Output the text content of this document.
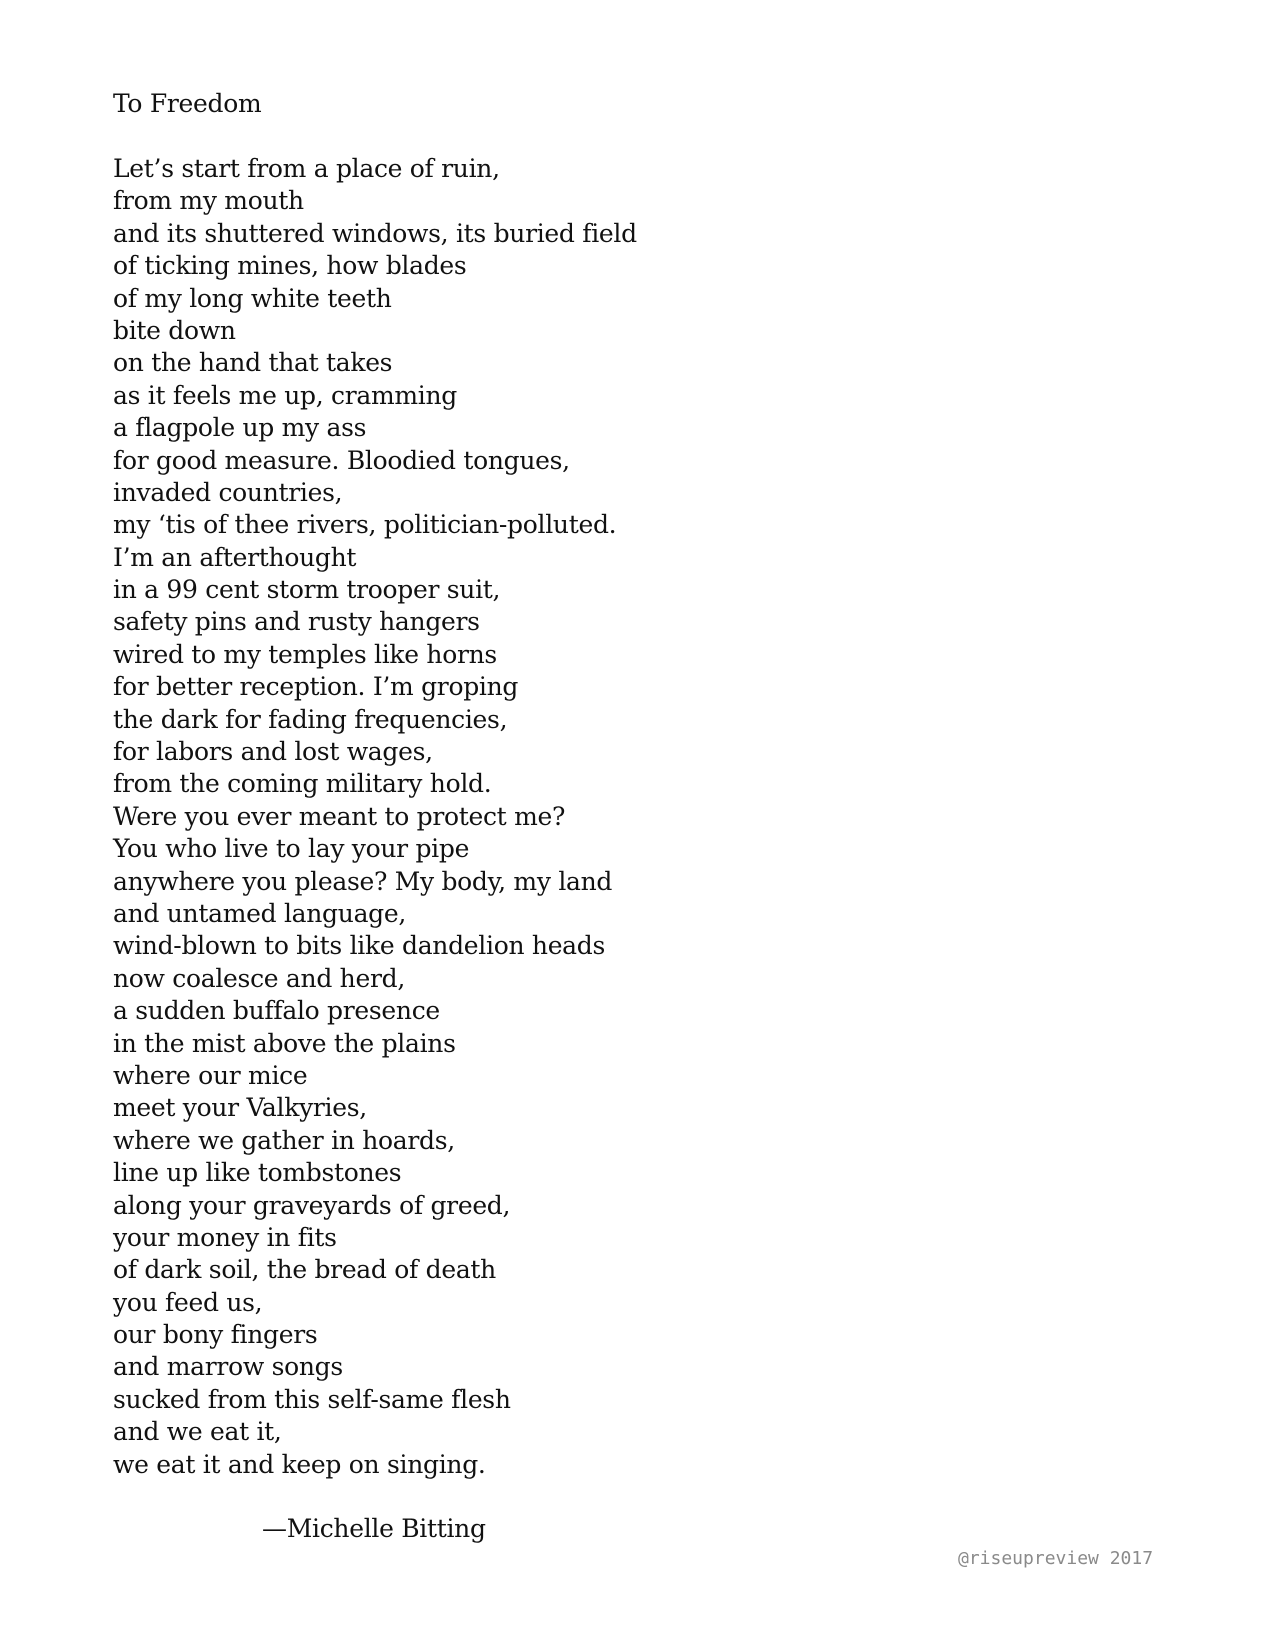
To Freedom
Let’s start from a place of ruin,
from my mouth
and its shuttered windows, its buried field
of ticking mines, how blades
of my long white teeth
bite down
on the hand that takes
as it feels me up, cramming
a flagpole up my ass
for good measure. Bloodied tongues,
invaded countries,
my ‘tis of thee rivers, politician-polluted.
I’m an afterthought
in a 99 cent storm trooper suit,
safety pins and rusty hangers
wired to my temples like horns
for better reception. I’m groping
the dark for fading frequencies,
for labors and lost wages,
from the coming military hold.
Were you ever meant to protect me?
You who live to lay your pipe
anywhere you please? My body, my land
and untamed language,
wind-blown to bits like dandelion heads
now coalesce and herd,
a sudden buffalo presence
in the mist above the plains
where our mice
meet your Valkyries,
where we gather in hoards,
line up like tombstones
along your graveyards of greed,
your money in fits
of dark soil, the bread of death
you feed us,
our bony fingers
and marrow songs
sucked from this self-same flesh
and we eat it,
we eat it and keep on singing.
—Michelle Bitting
@riseupreview 2017
